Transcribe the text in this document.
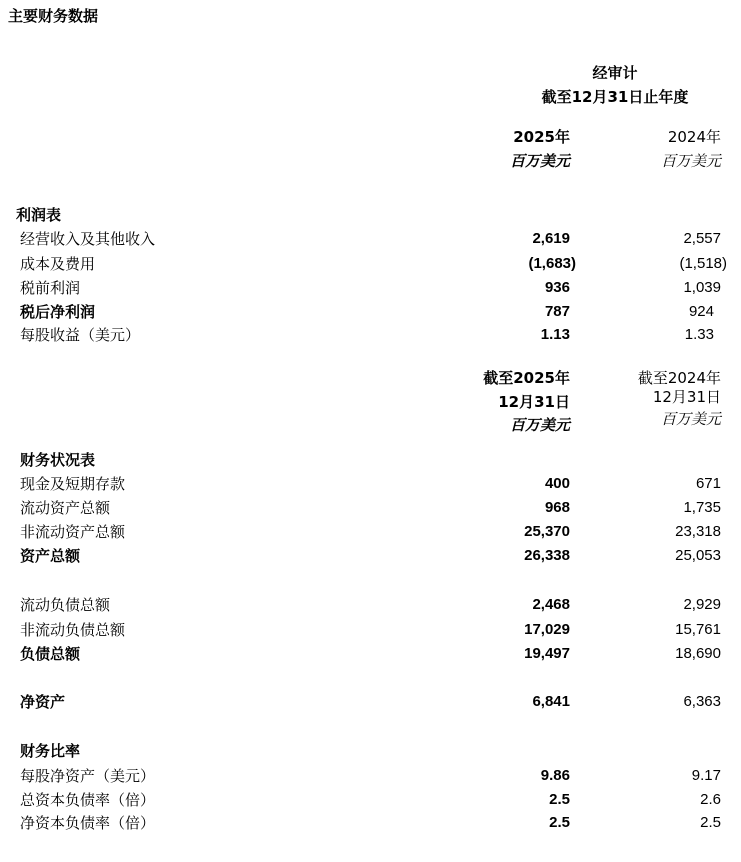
主要财务数据
经审计
截至12月31日止年度
2025年	2024年
百万美元	百万美元
利润表
经营收入及其他收入	2,619	2,557
成本及费用	(1,683)	(1,518)
税前利润	936	1,039
税后净利润	787	924
每股收益（美元）	1.13	1.33
截至2025年
12月31日
百万美元
截至2024年
12月31日
百万美元
财务状况表
现金及短期存款	400	671
流动资产总额	968	1,735
非流动资产总额	25,370	23,318
资产总额	26,338	25,053
流动负债总额	2,468	2,929
非流动负债总额	17,029	15,761
负债总额	19,497	18,690
净资产	6,841	6,363
财务比率
每股净资产（美元）	9.86	9.17
总资本负债率（倍）	2.5	2.6
净资本负债率（倍）	2.5	2.5
